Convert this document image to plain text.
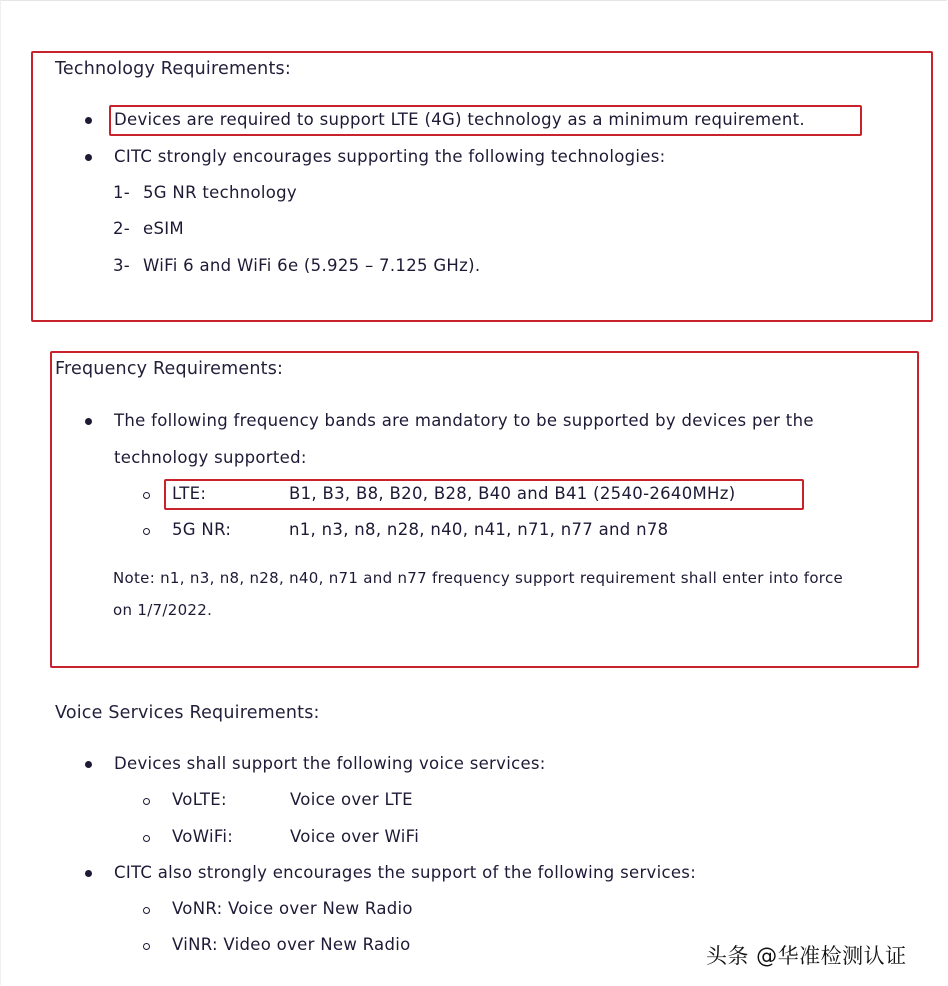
Technology Requirements:
Devices are required to support LTE (4G) technology as a minimum requirement.
CITC strongly encourages supporting the following technologies:
1- 5G NR technology
2- eSIM
3- WiFi 6 and WiFi 6e (5.925 – 7.125 GHz).
Frequency Requirements:
The following frequency bands are mandatory to be supported by devices per the
technology supported:
LTE:	B1, B3, B8, B20, B28, B40 and B41 (2540-2640MHz)
5G NR:	n1, n3, n8, n28, n40, n41, n71, n77 and n78
Note: n1, n3, n8, n28, n40, n71 and n77 frequency support requirement shall enter into force
on 1/7/2022.
Voice Services Requirements:
Devices shall support the following voice services:
VoLTE:	Voice over LTE
VoWiFi:	Voice over WiFi
CITC also strongly encourages the support of the following services:
VoNR: Voice over New Radio
ViNR: Video over New Radio	头条 @华准检测认证
